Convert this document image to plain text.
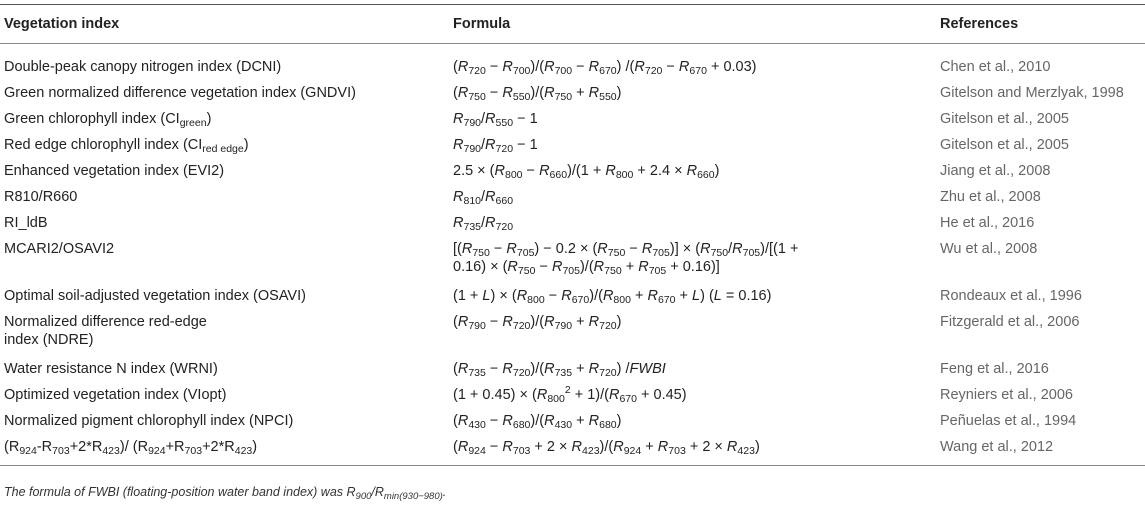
Vegetation index	Formula	References
Double-peak canopy nitrogen index (DCNI)	$(R_{720} - R_{700})/(R_{700} - R_{670}) /(R_{720} - R_{670} + 0.03)$	Chen et al., 2010
Green normalized difference vegetation index (GNDVI)	$(R_{750} - R_{550})/(R_{750} + R_{550})$	Gitelson and Merzlyak, 1998
Green chlorophyll index $(CI_{green})$	$R_{790}/R_{550} - 1$	Gitelson et al., 2005
Red edge chlorophyll index $(CI_{red edge})$	$R_{790}/R_{720} - 1$	Gitelson et al., 2005
Enhanced vegetation index (EVI2)	$2.5 \times (R_{800} - R_{660})/(1 + R_{800} + 2.4 \times R_{660})$	Jiang et al., 2008
R810/R660	$R_{810}/R_{660}$	Zhu et al., 2008
RI_ldB	$R_{735}/R_{720}$	He et al., 2016
MCARI2/OSAVI2	$[(R_{750} - R_{705}) - 0.2 \times (R_{750} - R_{705})] \times (R_{750}/R_{705})/[(1$ +
$0.16) \times (R_{750} - R_{705})/(R_{750} + R_{705} + 0.16)$]	Wu et al., 2008
Optimal soil-adjusted vegetation index (OSAVI)	$(1 + L) \times (R_{800} - R_{670})/(R_{800} + R_{670} + L) (L = 0.16)$	Rondeaux et al., 1996
Normalized difference red-edge
index (NDRE)	$(R_{790} - R_{720})/(R_{790} + R_{720})$	Fitzgerald et al., 2006
Water resistance N index (WRNI)	$(R_{735} - R_{720})/(R_{735} + R_{720})$ /FWBI	Feng et al., 2016
Optimized vegetation index (VIopt)	$(1 + 0.45) \times (R_{800}^2 + 1)/(R_{670} + 0.45)$	Reyniers et al., 2006
Normalized pigment chlorophyll index (NPCI)	$(R_{430} - R_{680})/(R_{430} + R_{680})$	Peñuelas et al., 1994
$(R_{924}-R_{703}+2*R_{423})/$ $(R_{924}+R_{703}+2*R_{423})$	$(R_{924} - R_{703} + 2 \times R_{423})/(R_{924} + R_{703} + 2 \times R_{423})$	Wang et al., 2012
The formula of FWBI (floating-position water band index) was $R_{900}/R_{min(930-980)}$.
